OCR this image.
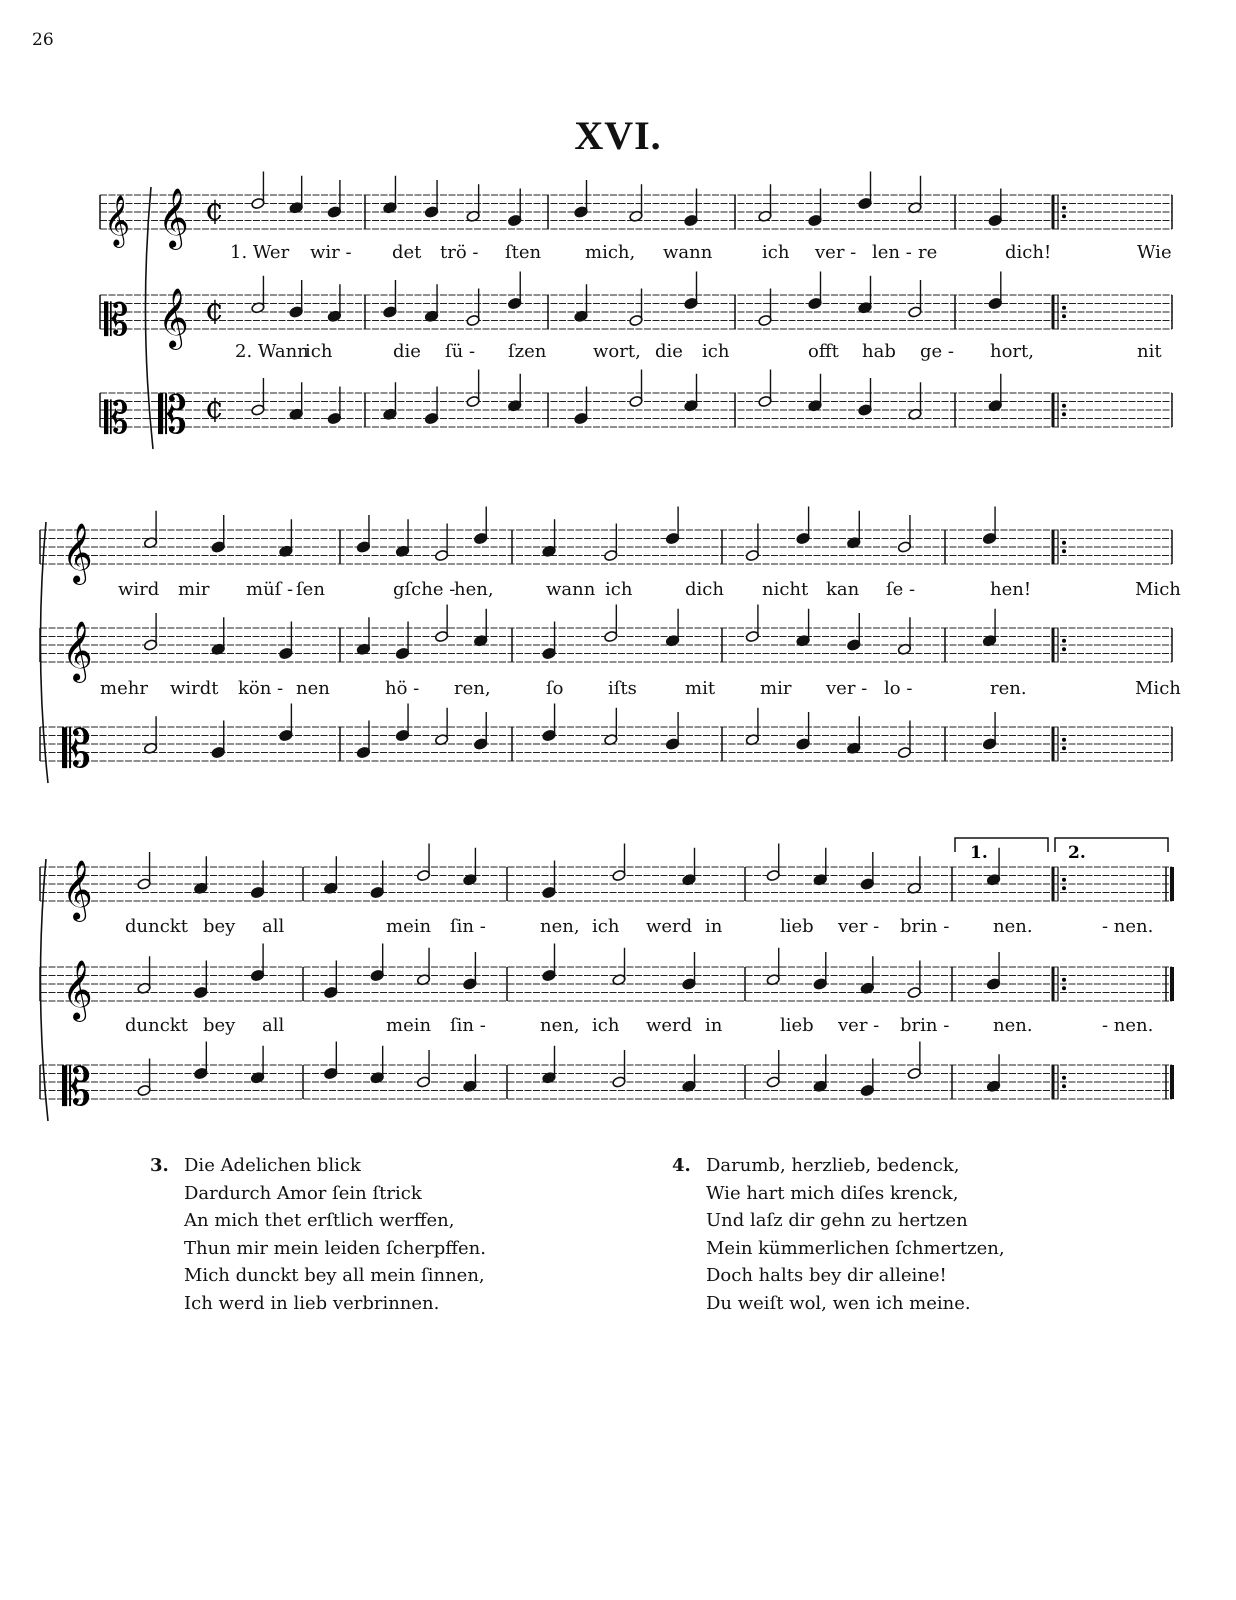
26
XVI.
𝄞
𝄞 ¢
𝄞
𝄡	¢
𝄡
𝄡	¢
𝄞
𝄞
𝄡
𝄞
𝄞
𝄡
1. Wer wir - det trö - ſten mich, wann	ich ver - len - re	dich!	Wie
2. Wann
ich	die ſü - ſzen	wort, die ich	offt hab ge - hort,	nit
wird mir müſ - ſen	gſche -
hen,	wann ich	dich nicht kan ſe -	hen!	Mich
mehr wirdt kön - nen	hö - ren,	ſo iſts	mit mir ver - lo -	ren.	Mich
dunckt bey all	mein ſin -	nen, ich werd in	lieb ver - brin - nen.	- nen.
dunckt bey all	mein ſin -	nen, ich werd in	lieb ver - brin - nen.	- nen.
1.	2.
3. Die Adelichen blick
Dardurch Amor ſein ſtrick
An mich thet erſtlich werffen,
Thun mir mein leiden ſcherpffen.
Mich dunckt bey all mein ſinnen,
Ich werd in lieb verbrinnen.
4. Darumb, herzlieb, bedenck,
Wie hart mich diſes krenck,
Und laſz dir gehn zu hertzen
Mein kümmerlichen ſchmertzen,
Doch halts bey dir alleine!
Du weiſt wol, wen ich meine.
